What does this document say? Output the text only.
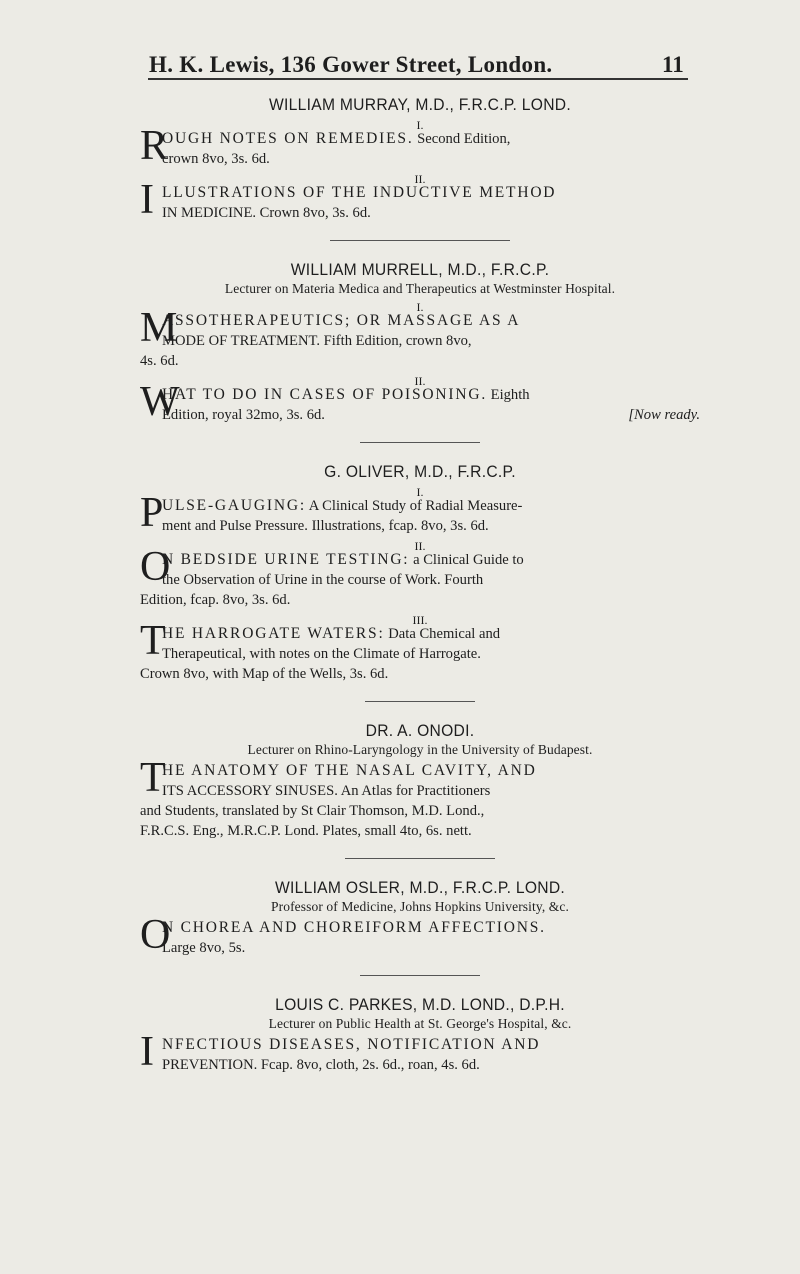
H. K. Lewis, 136 Gower Street, London.	11

WILLIAM MURRAY, M.D., F.R.C.P. LOND.

I.

R
OUGH NOTES ON REMEDIES. Second Edition,
crown 8vo, 3s. 6d.

II.

I LLUSTRATIONS OF THE INDUCTIVE METHOD
IN MEDICINE. Crown 8vo, 3s. 6d.

WILLIAM MURRELL, M.D., F.R.C.P.

Lecturer on Materia Medica and Therapeutics at Westminster Hospital.

I.

M
ASSOTHERAPEUTICS; OR MASSAGE AS A
MODE OF TREATMENT. Fifth Edition, crown 8vo,
4s. 6d.

II.

W
HAT TO DO IN CASES OF POISONING. Eighth
Edition, royal 32mo, 3s. 6d.	[Now ready.

G. OLIVER, M.D., F.R.C.P.

I.

P
ULSE-GAUGING: A Clinical Study of Radial Measure-
ment and Pulse Pressure. Illustrations, fcap. 8vo, 3s. 6d.

II.

O
N BEDSIDE URINE TESTING: a Clinical Guide to
the Observation of Urine in the course of Work. Fourth
Edition, fcap. 8vo, 3s. 6d.

III.

T
HE HARROGATE WATERS: Data Chemical and
Therapeutical, with notes on the Climate of Harrogate.
Crown 8vo, with Map of the Wells, 3s. 6d.

DR. A. ONODI.

Lecturer on Rhino-Laryngology in the University of Budapest.

T
HE ANATOMY OF THE NASAL CAVITY, AND
ITS ACCESSORY SINUSES. An Atlas for Practitioners
and Students, translated by St Clair Thomson, M.D. Lond.,
F.R.C.S. Eng., M.R.C.P. Lond. Plates, small 4to, 6s. nett.

WILLIAM OSLER, M.D., F.R.C.P. LOND.

Professor of Medicine, Johns Hopkins University, &c.

O
N CHOREA AND CHOREIFORM AFFECTIONS.
Large 8vo, 5s.

LOUIS C. PARKES, M.D. LOND., D.P.H.

Lecturer on Public Health at St. George's Hospital, &c.

I NFECTIOUS DISEASES, NOTIFICATION AND
PREVENTION. Fcap. 8vo, cloth, 2s. 6d., roan, 4s. 6d.
